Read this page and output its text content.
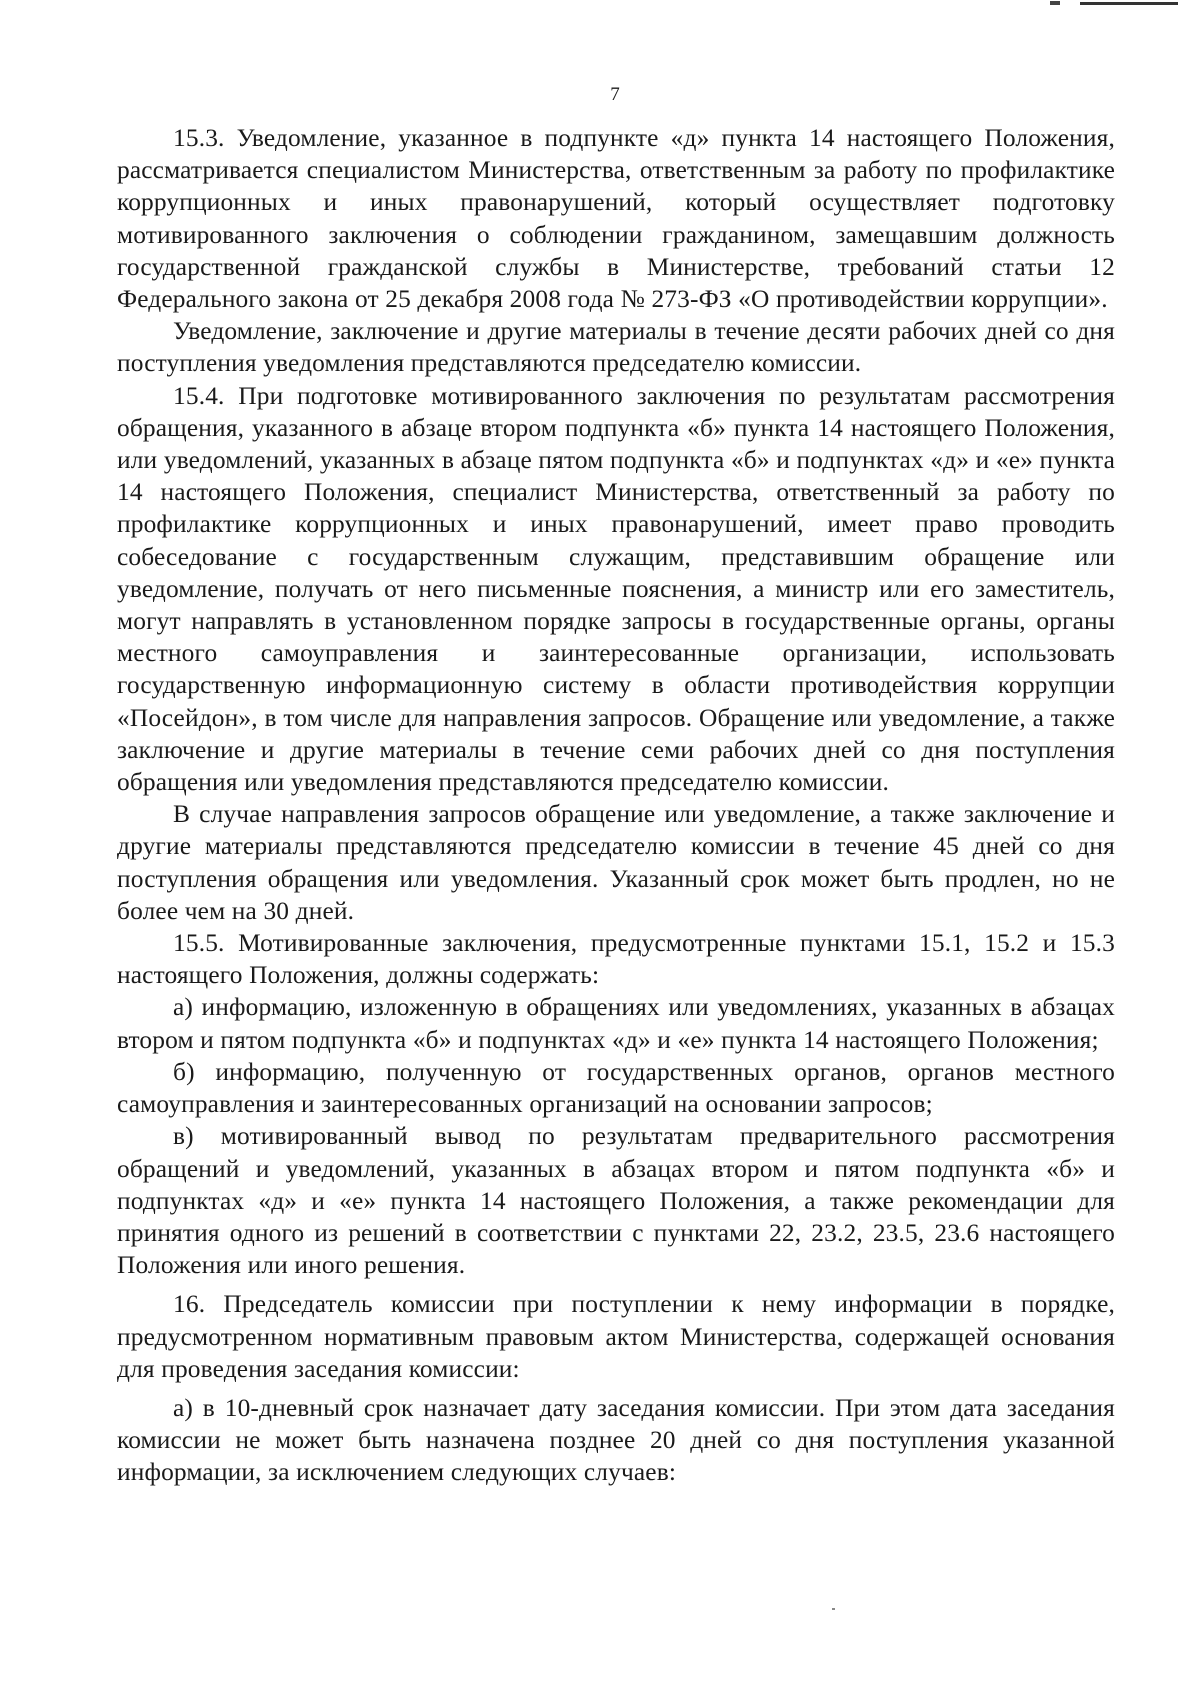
7

15.3. Уведомление, указанное в подпункте «д» пункта 14 настоящего Положения, рассматривается специалистом Министерства, ответственным за работу по профилактике коррупционных и иных правонарушений, который осуществляет подготовку мотивированного заключения о соблюдении гражданином, замещавшим должность государственной гражданской службы в Министерстве, требований статьи 12 Федерального закона от 25 декабря 2008 года № 273-ФЗ «О противодействии коррупции».

Уведомление, заключение и другие материалы в течение десяти рабочих дней со дня поступления уведомления представляются председателю комиссии.

15.4. При подготовке мотивированного заключения по результатам рассмотрения обращения, указанного в абзаце втором подпункта «б» пункта 14 настоящего Положения, или уведомлений, указанных в абзаце пятом подпункта «б» и подпунктах «д» и «е» пункта 14 настоящего Положения, специалист Министерства, ответственный за работу по профилактике коррупционных и иных правонарушений, имеет право проводить собеседование с государственным служащим, представившим обращение или уведомление, получать от него письменные пояснения, а министр или его заместитель, могут направлять в установленном порядке запросы в государственные органы, органы местного самоуправления и заинтересованные организации, использовать государственную информационную систему в области противодействия коррупции «Посейдон», в том числе для направления запросов. Обращение или уведомление, а также заключение и другие материалы в течение семи рабочих дней со дня поступления обращения или уведомления представляются председателю комиссии.

В случае направления запросов обращение или уведомление, а также заключение и другие материалы представляются председателю комиссии в течение 45 дней со дня поступления обращения или уведомления. Указанный срок может быть продлен, но не более чем на 30 дней.

15.5. Мотивированные заключения, предусмотренные пунктами 15.1, 15.2 и 15.3 настоящего Положения, должны содержать:

а) информацию, изложенную в обращениях или уведомлениях, указанных в абзацах втором и пятом подпункта «б» и подпунктах «д» и «е» пункта 14 настоящего Положения;

б) информацию, полученную от государственных органов, органов местного самоуправления и заинтересованных организаций на основании запросов;

в) мотивированный вывод по результатам предварительного рассмотрения обращений и уведомлений, указанных в абзацах втором и пятом подпункта «б» и подпунктах «д» и «е» пункта 14 настоящего Положения, а также рекомендации для принятия одного из решений в соответствии с пунктами 22, 23.2, 23.5, 23.6 настоящего Положения или иного решения.

16. Председатель комиссии при поступлении к нему информации в порядке, предусмотренном нормативным правовым актом Министерства, содержащей основания для проведения заседания комиссии:

а) в 10-дневный срок назначает дату заседания комиссии. При этом дата заседания комиссии не может быть назначена позднее 20 дней со дня поступления указанной информации, за исключением следующих случаев:
